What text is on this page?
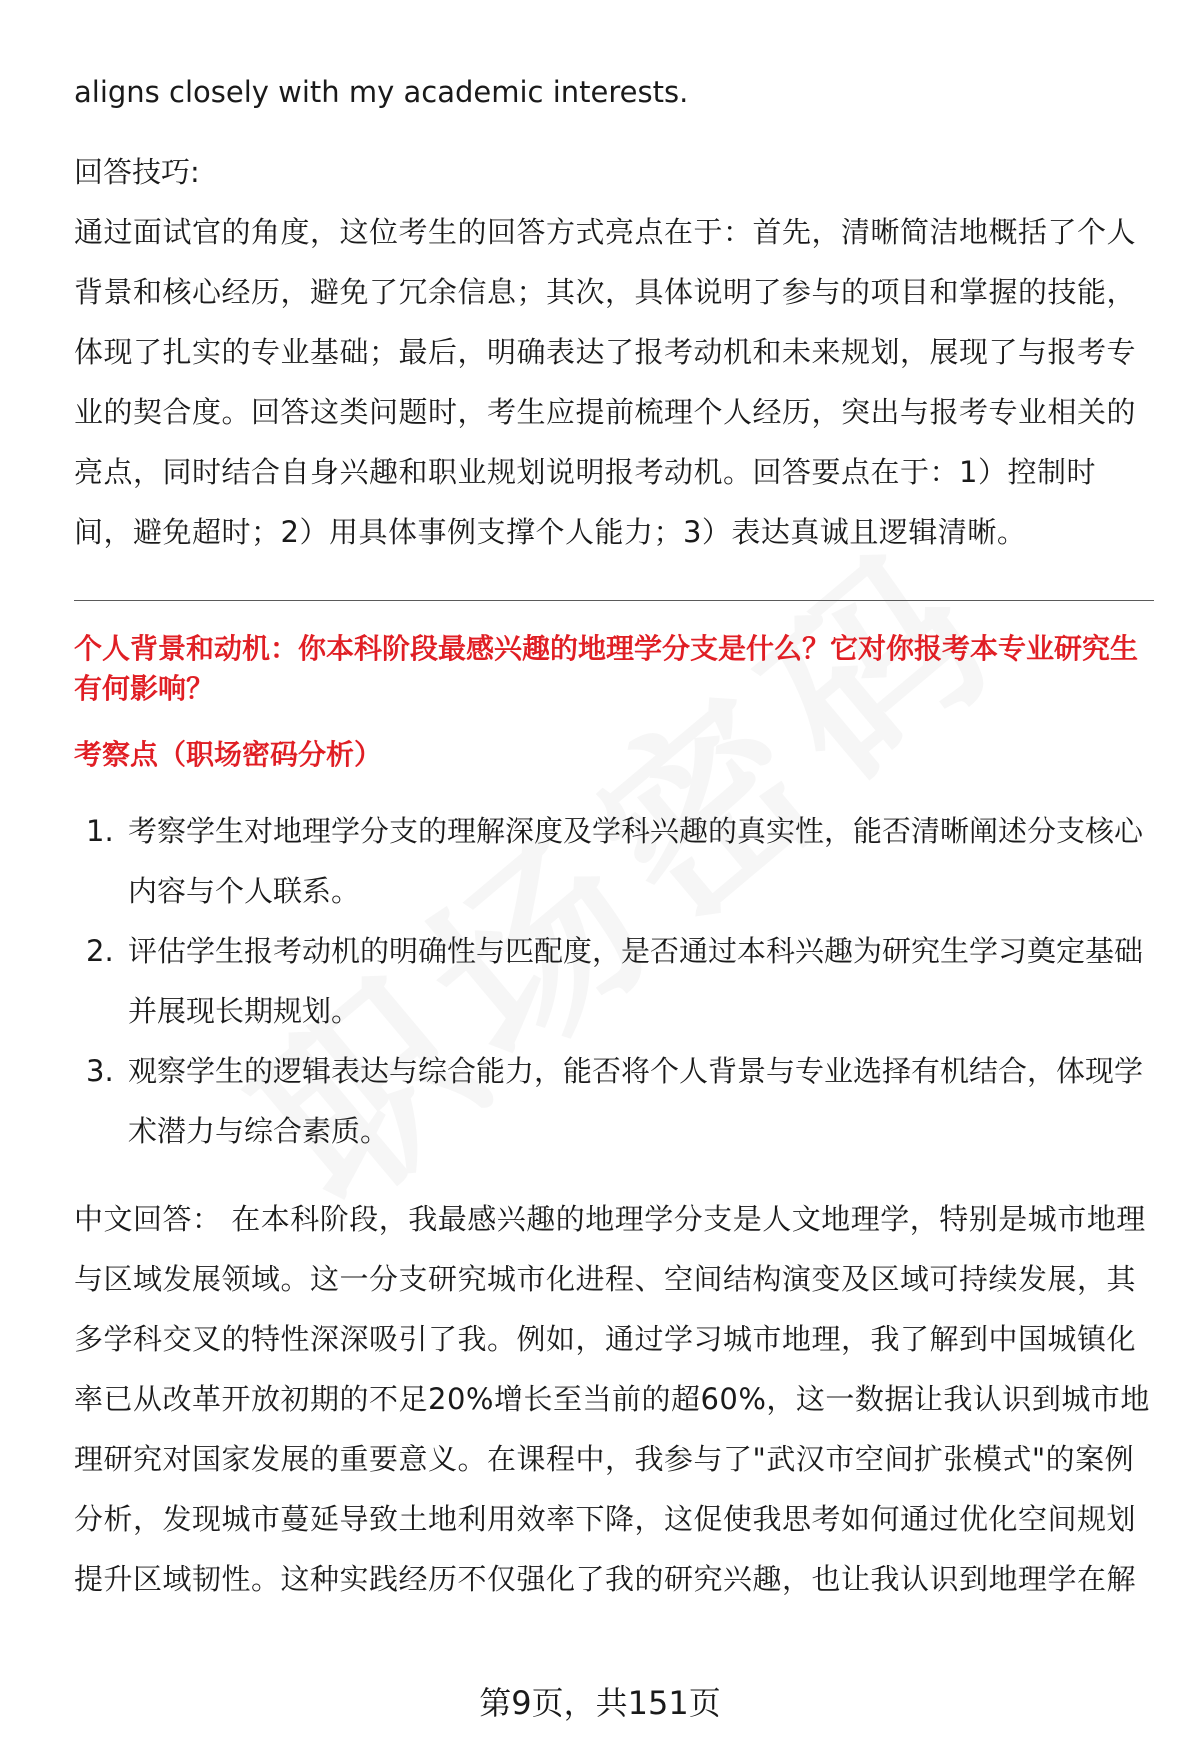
aligns closely with my academic interests.

回答技巧:

通过面试官的角度，这位考生的回答方式亮点在于：首先，清晰简洁地概括了个人背景和核心经历，避免了冗余信息；其次，具体说明了参与的项目和掌握的技能，体现了扎实的专业基础；最后，明确表达了报考动机和未来规划，展现了与报考专业的契合度。回答这类问题时，考生应提前梳理个人经历，突出与报考专业相关的亮点，同时结合自身兴趣和职业规划说明报考动机。回答要点在于：1）控制时间，避免超时；2）用具体事例支撑个人能力；3）表达真诚且逻辑清晰。

个人背景和动机：你本科阶段最感兴趣的地理学分支是什么？它对你报考本专业研究生有何影响？

考察点（职场密码分析）

1. 考察学生对地理学分支的理解深度及学科兴趣的真实性，能否清晰阐述分支核心内容与个人联系。
2. 评估学生报考动机的明确性与匹配度，是否通过本科兴趣为研究生学习奠定基础并展现长期规划。
3. 观察学生的逻辑表达与综合能力，能否将个人背景与专业选择有机结合，体现学术潜力与综合素质。

中文回答： 在本科阶段，我最感兴趣的地理学分支是人文地理学，特别是城市地理与区域发展领域。这一分支研究城市化进程、空间结构演变及区域可持续发展，其多学科交叉的特性深深吸引了我。例如，通过学习城市地理，我了解到中国城镇化率已从改革开放初期的不足20%增长至当前的超60%，这一数据让我认识到城市地理研究对国家发展的重要意义。在课程中，我参与了"武汉市空间扩张模式"的案例分析，发现城市蔓延导致土地利用效率下降，这促使我思考如何通过优化空间规划提升区域韧性。这种实践经历不仅强化了我的研究兴趣，也让我认识到地理学在解

第9页，共151页
